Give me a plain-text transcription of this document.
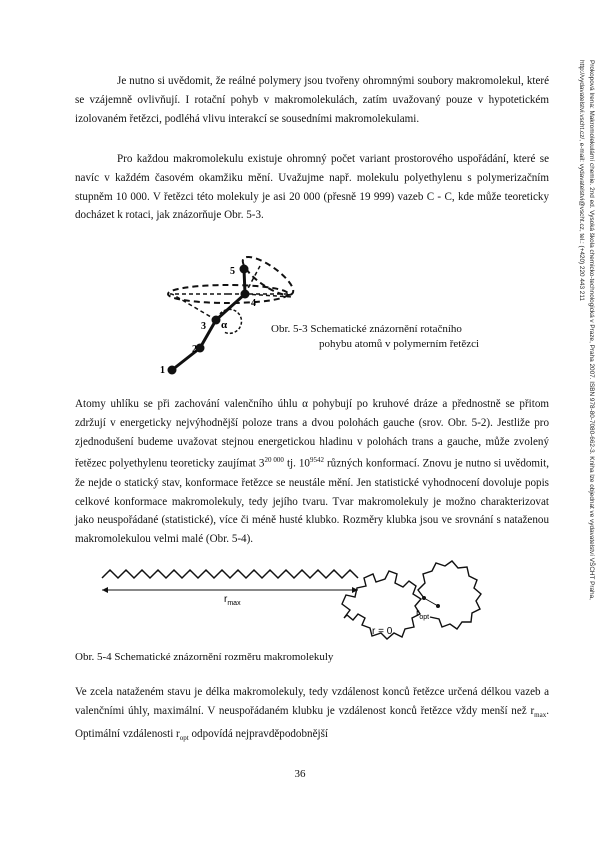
Je nutno si uvědomit, že reálné polymery jsou tvořeny ohromnými soubory makromolekul, které se vzájemně ovlivňují. I rotační pohyb v makromolekulách, zatím uvažovaný pouze v hypotetickém izolovaném řetězci, podléhá vlivu interakcí se sousedními makromolekulami.

Pro každou makromolekulu existuje ohromný počet variant prostorového uspořádání, které se navíc v každém časovém okamžiku mění. Uvažujme např. molekulu polyethylenu s polymerizačním stupněm 10 000. V řetězci této molekuly je asi 20 000 (přesně 19 999) vazeb C - C, kde může teoreticky docházet k rotaci, jak znázorňuje Obr. 5-3.

1
2
3
4
5
α	Obr. 5-3 Schematické znázornění rotačního

pohybu atomů v polymerním řetězci

Atomy uhlíku se při zachování valenčního úhlu α pohybují po kruhové dráze a přednostně se přitom zdržují v energeticky nejvýhodnější poloze trans a dvou polohách gauche (srov. Obr. 5-2). Jestliže pro zjednodušení budeme uvažovat stejnou energetickou hladinu v polohách trans a gauche, může zvolený řetězec polyethylenu teoreticky zaujímat $3^{20 000}$ tj. $10^{9542}$ různých konformací. Znovu je nutno si uvědomit, že nejde o statický stav, konformace řetězce se neustále mění. Jen statistické vyhodnocení dovoluje popis celkové konformace makromolekuly, tedy jejího tvaru. Tvar makromolekuly je možno charakterizovat jako neuspořádané (statistické), více či méně husté klubko. Rozměry klubka jsou ve srovnání s nataženou makromolekulou velmi malé (Obr. 5-4).

$r_{max}$
r = 0
$r_{opt}$

Obr. 5-4 Schematické znázornění rozměru makromolekuly

Ve zcela nataženém stavu je délka makromolekuly, tedy vzdálenost konců řetězce určená délkou vazeb a valenčními úhly, maximální. V neuspořádaném klubku je vzdálenost konců řetězce vždy menší než $r_{max}$. Optimální vzdálenosti $r_{opt}$ odpovídá nejpravděpodobnější

36
Prokopová Irena: Makromolekulární chemie. 2nd ed. Vysoká škola chemicko-technologická v Praze, Praha 2007. ISBN 978-80-7080-662-3. Kniha lze objednat ve vydavatelství VŠCHT Praha, http://vydavatelstvi.vscht.cz/, e-mail: vydavatelstvi@vscht.cz, tel.: (+420) 220 443 211
